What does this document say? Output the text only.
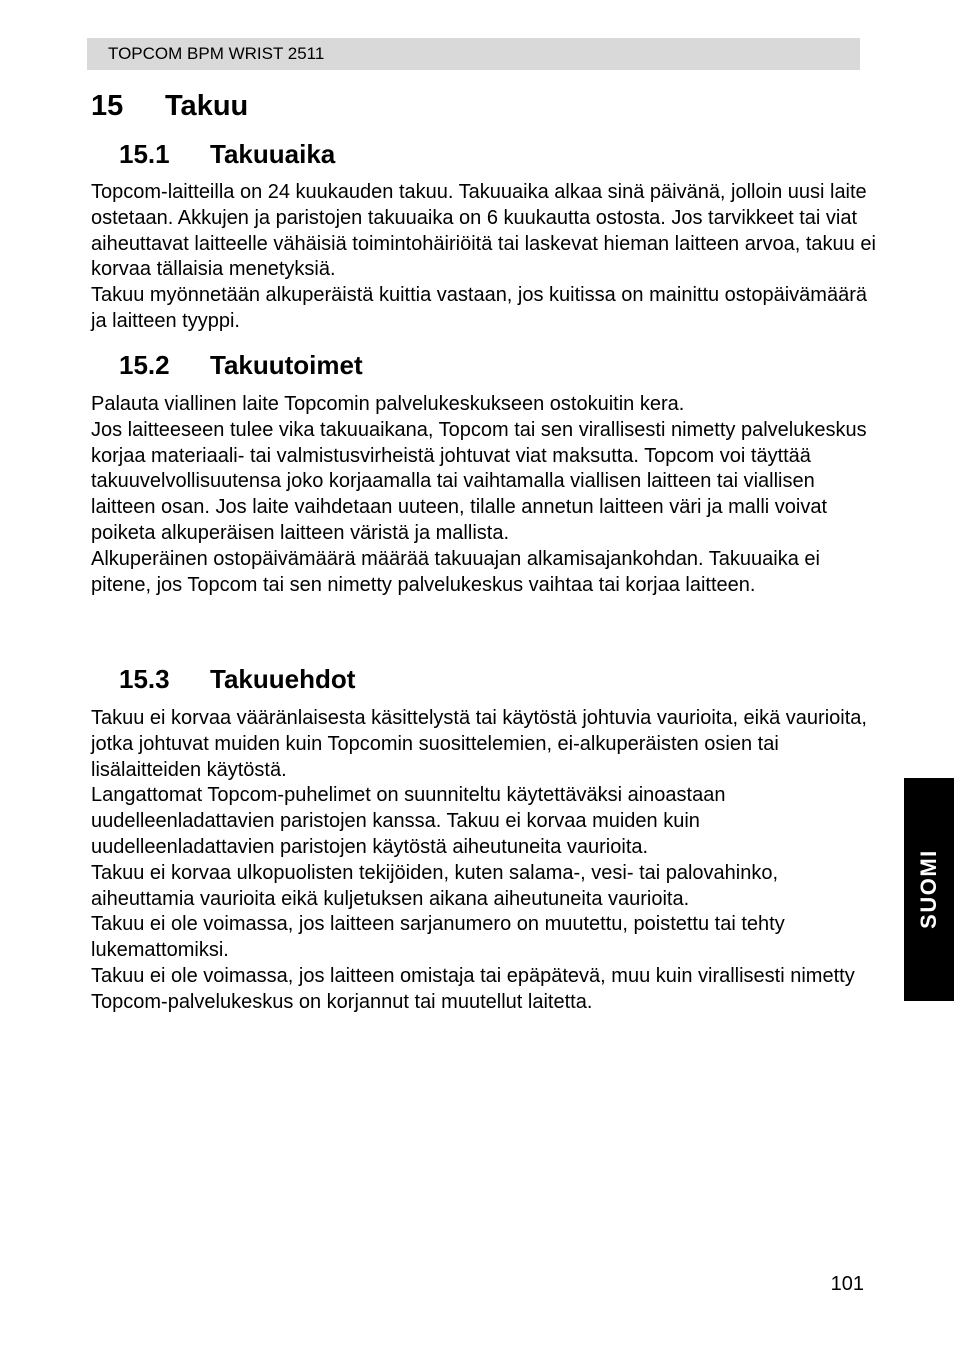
TOPCOM BPM WRIST 2511
15 Takuu
15.1 Takuuaika

Topcom-laitteilla on 24 kuukauden takuu. Takuuaika alkaa sinä päivänä, jolloin uusi laite ostetaan. Akkujen ja paristojen takuuaika on 6 kuukautta ostosta. Jos tarvikkeet tai viat aiheuttavat laitteelle vähäisiä toimintohäiriöitä tai laskevat hieman laitteen arvoa, takuu ei korvaa tällaisia menetyksiä.

Takuu myönnetään alkuperäistä kuittia vastaan, jos kuitissa on mainittu ostopäivämäärä ja laitteen tyyppi.

15.2 Takuutoimet

Palauta viallinen laite Topcomin palvelukeskukseen ostokuitin kera.

Jos laitteeseen tulee vika takuuaikana, Topcom tai sen virallisesti nimetty palvelukeskus korjaa materiaali- tai valmistusvirheistä johtuvat viat maksutta. Topcom voi täyttää takuuvelvollisuutensa joko korjaamalla tai vaihtamalla viallisen laitteen tai viallisen laitteen osan. Jos laite vaihdetaan uuteen, tilalle annetun laitteen väri ja malli voivat poiketa alkuperäisen laitteen väristä ja mallista.

Alkuperäinen ostopäivämäärä määrää takuuajan alkamisajankohdan. Takuuaika ei pitene, jos Topcom tai sen nimetty palvelukeskus vaihtaa tai korjaa laitteen.

15.3 Takuuehdot

Takuu ei korvaa vääränlaisesta käsittelystä tai käytöstä johtuvia vaurioita, eikä vaurioita, jotka johtuvat muiden kuin Topcomin suosittelemien, ei-alkuperäisten osien tai lisälaitteiden käytöstä.

Langattomat Topcom-puhelimet on suunniteltu käytettäväksi ainoastaan uudelleenladattavien paristojen kanssa. Takuu ei korvaa muiden kuin uudelleenladattavien paristojen käytöstä aiheutuneita vaurioita.

Takuu ei korvaa ulkopuolisten tekijöiden, kuten salama-, vesi- tai palovahinko, aiheuttamia vaurioita eikä kuljetuksen aikana aiheutuneita vaurioita.

Takuu ei ole voimassa, jos laitteen sarjanumero on muutettu, poistettu tai tehty lukemattomiksi.

Takuu ei ole voimassa, jos laitteen omistaja tai epäpätevä, muu kuin virallisesti nimetty Topcom-palvelukeskus on korjannut tai muutellut laitetta.

SUOMI
101
